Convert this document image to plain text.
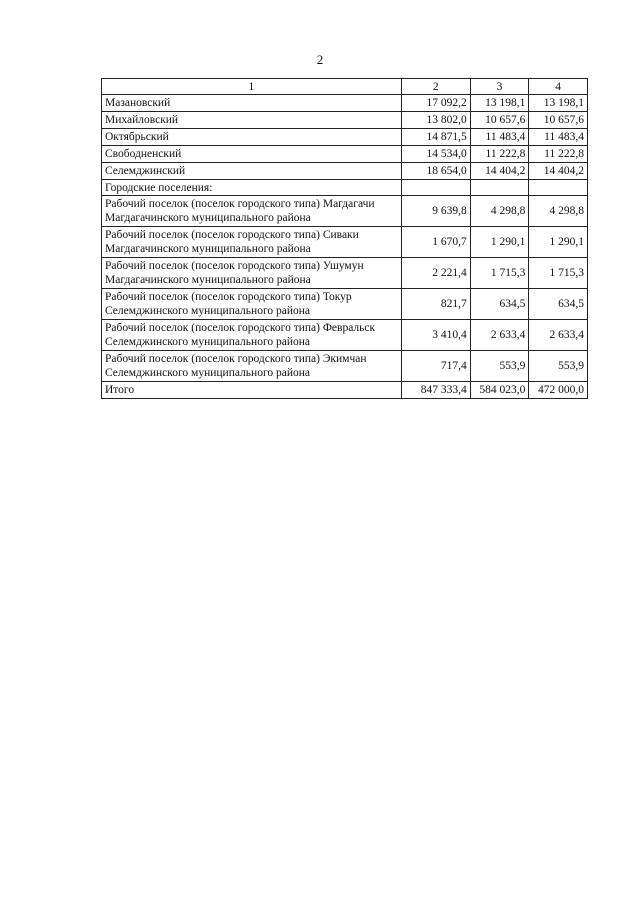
2
1	2	3	4

Мазановский	17 092,2	13 198,1	13 198,1

Михайловский	13 802,0	10 657,6	10 657,6

Октябрьский	14 871,5	11 483,4	11 483,4

Свободненский	14 534,0	11 222,8	11 222,8

Селемджинский	18 654,0	14 404,2	14 404,2

Городские поселения:			

Рабочий поселок (поселок городского типа) Магдагачи
Магдагачинского муниципального района	9 639,8	4 298,8	4 298,8

Рабочий поселок (поселок городского типа) Сиваки
Магдагачинского муниципального района	1 670,7	1 290,1	1 290,1

Рабочий поселок (поселок городского типа) Ушумун
Магдагачинского муниципального района	2 221,4	1 715,3	1 715,3

Рабочий поселок (поселок городского типа) Токур
Селемджинского муниципального района	821,7	634,5	634,5

Рабочий поселок (поселок городского типа) Февральск
Селемджинского муниципального района	3 410,4	2 633,4	2 633,4

Рабочий поселок (поселок городского типа) Экимчан
Селемджинского муниципального района	717,4	553,9	553,9

Итого	847 333,4	584 023,0	472 000,0
